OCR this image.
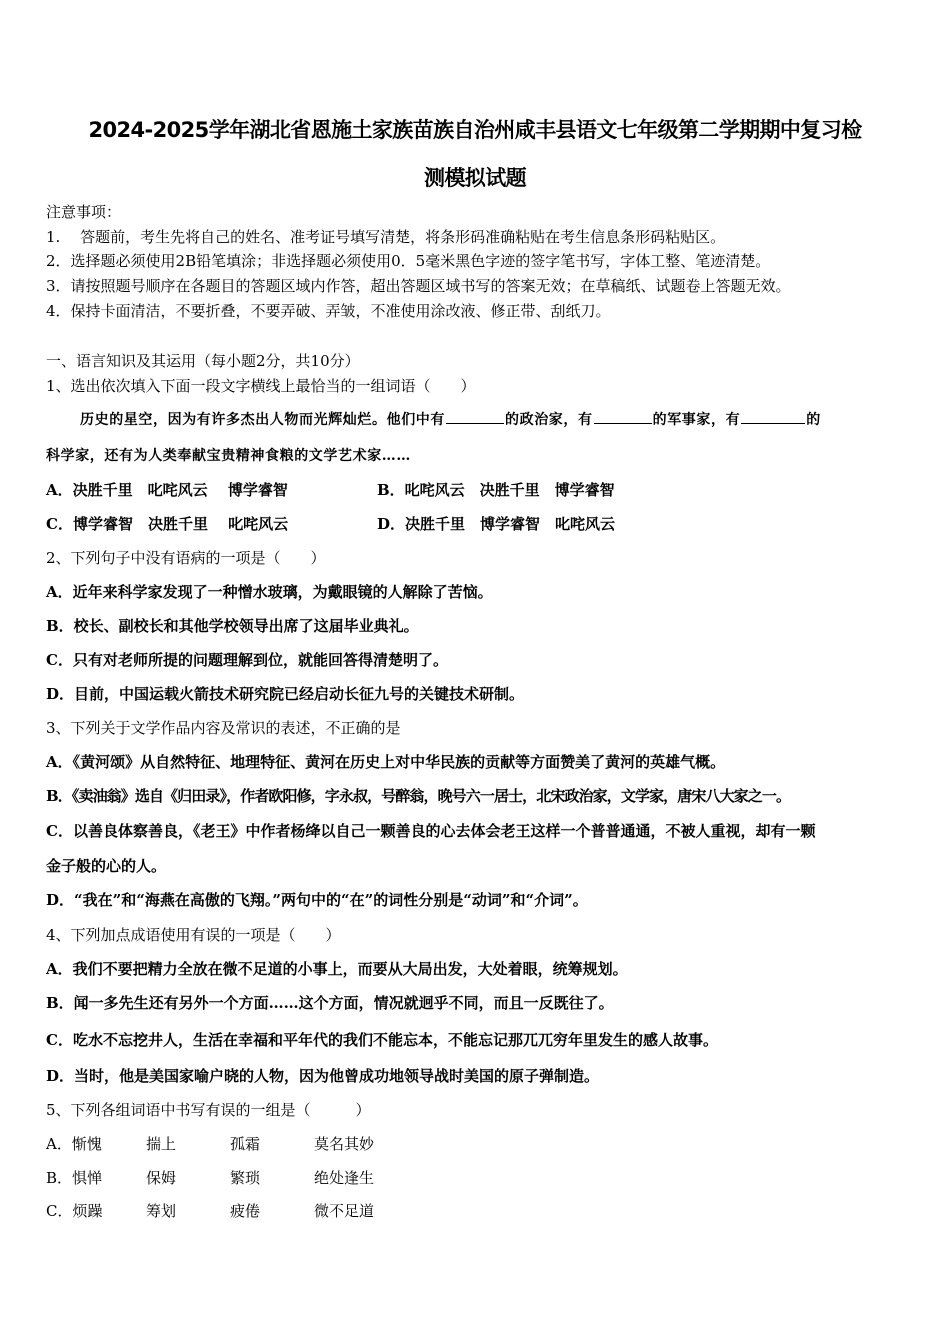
2024-2025学年湖北省恩施土家族苗族自治州咸丰县语文七年级第二学期期中复习检
测模拟试题
注意事项：
1.　 答题前，考生先将自己的姓名、准考证号填写清楚，将条形码准确粘贴在考生信息条形码粘贴区。
2．选择题必须使用2B铅笔填涂；非选择题必须使用0．5毫米黑色字迹的签字笔书写，字体工整、笔迹清楚。
3．请按照题号顺序在各题目的答题区域内作答，超出答题区域书写的答案无效；在草稿纸、试题卷上答题无效。
4．保持卡面清洁，不要折叠，不要弄破、弄皱，不准使用涂改液、修正带、刮纸刀。
一、语言知识及其运用（每小题2分，共10分）
1、选出依次填入下面一段文字横线上最恰当的一组词语（　　）
历史的星空，因为有许多杰出人物而光辉灿烂。他们中有	的政治家，有	的军事家，有	的
科学家，还有为人类奉献宝贵精神食粮的文学艺术家……
A．决胜千里　叱咤风云　 博学睿智	B．叱咤风云　决胜千里　博学睿智
C．博学睿智　决胜千里　 叱咤风云	D．决胜千里　博学睿智　叱咤风云
2、下列句子中没有语病的一项是（　　）
A．近年来科学家发现了一种憎水玻璃，为戴眼镜的人解除了苦恼。
B．校长、副校长和其他学校领导出席了这届毕业典礼。
C．只有对老师所提的问题理解到位，就能回答得清楚明了。
D．目前，中国运载火箭技术研究院已经启动长征九号的关键技术研制。
3、下列关于文学作品内容及常识的表述，不正确的是
A．《黄河颂》从自然特征、地理特征、黄河在历史上对中华民族的贡献等方面赞美了黄河的英雄气概。
B．《卖油翁》选自《归田录》，作者欧阳修，字永叔，号醉翁，晚号六一居士，北宋政治家，文学家，唐宋八大家之一。
C．以善良体察善良，《老王》中作者杨绛以自己一颗善良的心去体会老王这样一个普普通通，不被人重视，却有一颗
金子般的心的人。
D．“我在”和“海燕在高傲的飞翔。”两句中的“在”的词性分别是“动词”和“介词”。
4、下列加点成语使用有误的一项是（　　）
A．我们不要把精力全放在微不足道的小事上，而要从大局出发，大处着眼，统筹规划。
B．闻一多先生还有另外一个方面……这个方面，情况就迥乎不同，而且一反既往了。
C．吃水不忘挖井人，生活在幸福和平年代的我们不能忘本，不能忘记那兀兀穷年里发生的感人故事。
D．当时，他是美国家喻户晓的人物，因为他曾成功地领导战时美国的原子弹制造。
5、下列各组词语中书写有误的一组是（　　　）
A．惭愧	揣上	孤霜	莫名其妙
B．惧惮	保姆	繁琐	绝处逢生
C．烦躁	筹划	疲倦	微不足道
